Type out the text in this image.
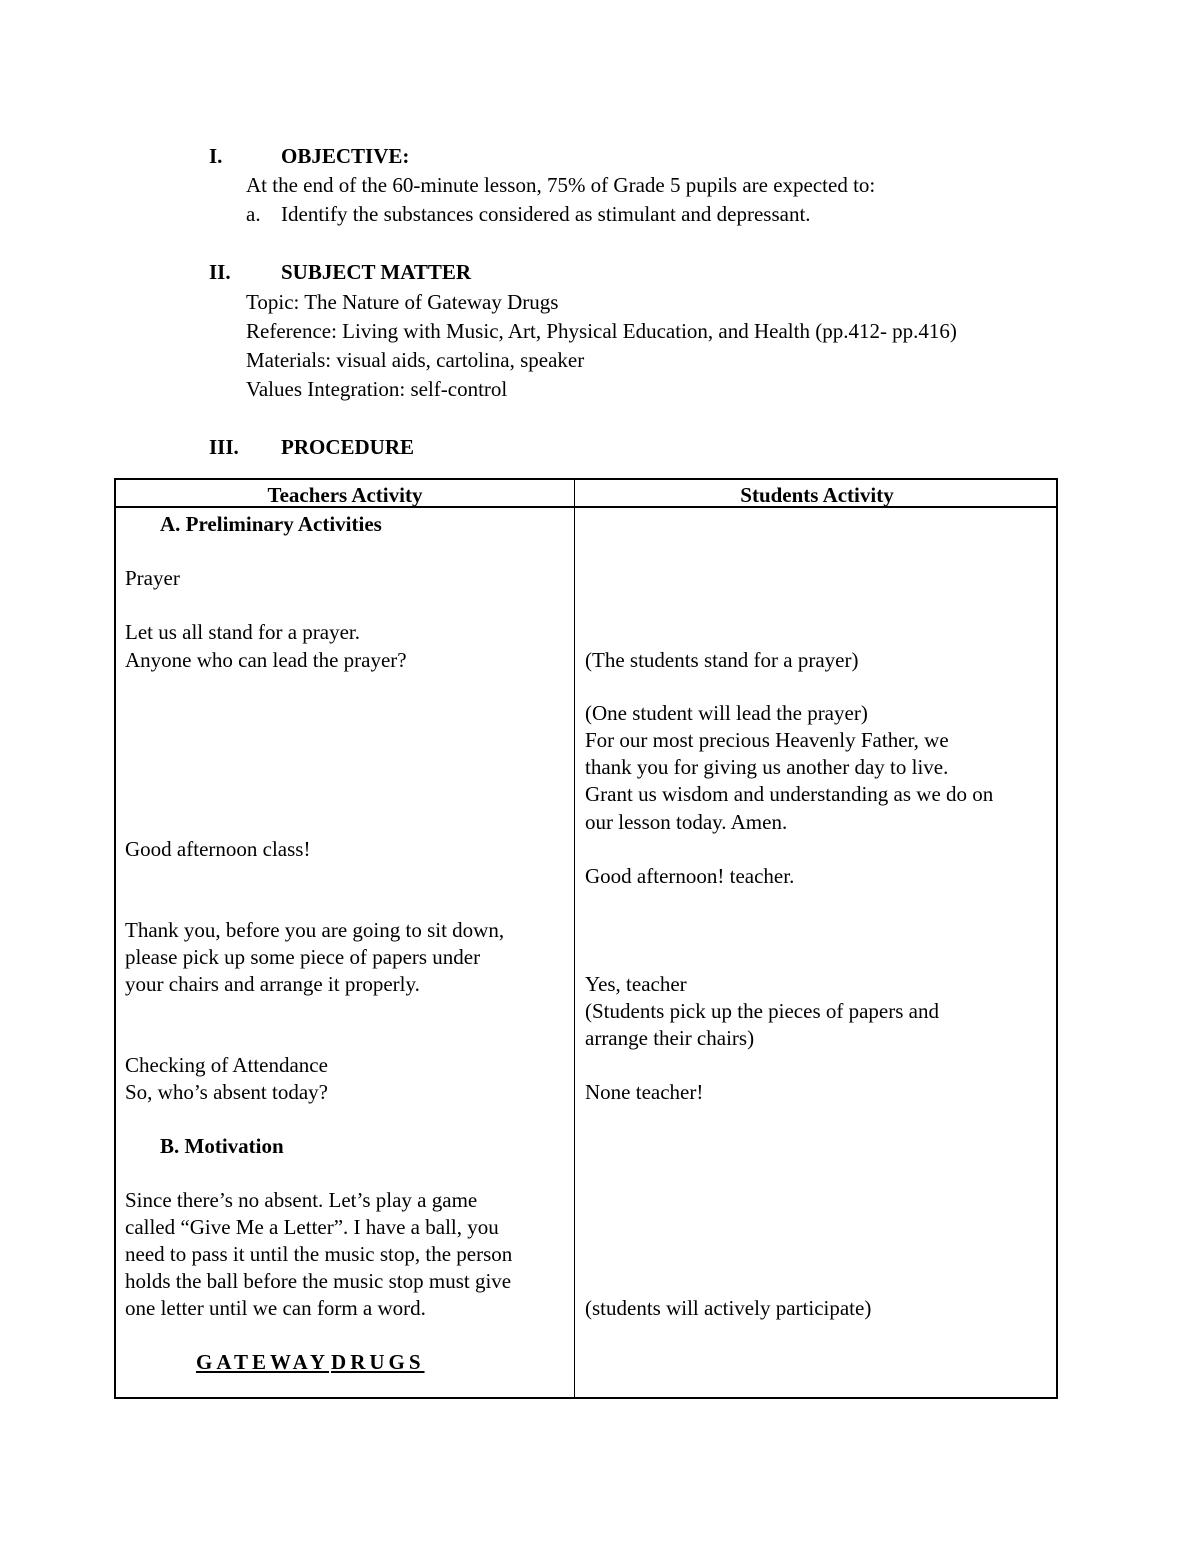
I.	OBJECTIVE:
At the end of the 60-minute lesson, 75% of Grade 5 pupils are expected to:
a. Identify the substances considered as stimulant and depressant.
II. SUBJECT MATTER
Topic: The Nature of Gateway Drugs
Reference: Living with Music, Art, Physical Education, and Health (pp.412- pp.416)
Materials: visual aids, cartolina, speaker
Values Integration: self-control
III. PROCEDURE
Teachers Activity	Students Activity
A. Preliminary Activities
Prayer
Let us all stand for a prayer.
Anyone who can lead the prayer?
Good afternoon class!
Thank you, before you are going to sit down,
please pick up some piece of papers under
your chairs and arrange it properly.
Checking of Attendance
So, who’s absent today?
B. Motivation
Since there’s no absent. Let’s play a game
called “Give Me a Letter”. I have a ball, you
need to pass it until the music stop, the person
holds the ball before the music stop must give
one letter until we can form a word.
GATEWAYDRUGS
(The students stand for a prayer)
(One student will lead the prayer)
For our most precious Heavenly Father, we
thank you for giving us another day to live.
Grant us wisdom and understanding as we do on
our lesson today. Amen.
Good afternoon! teacher.
Yes, teacher
(Students pick up the pieces of papers and
arrange their chairs)
None teacher!
(students will actively participate)
